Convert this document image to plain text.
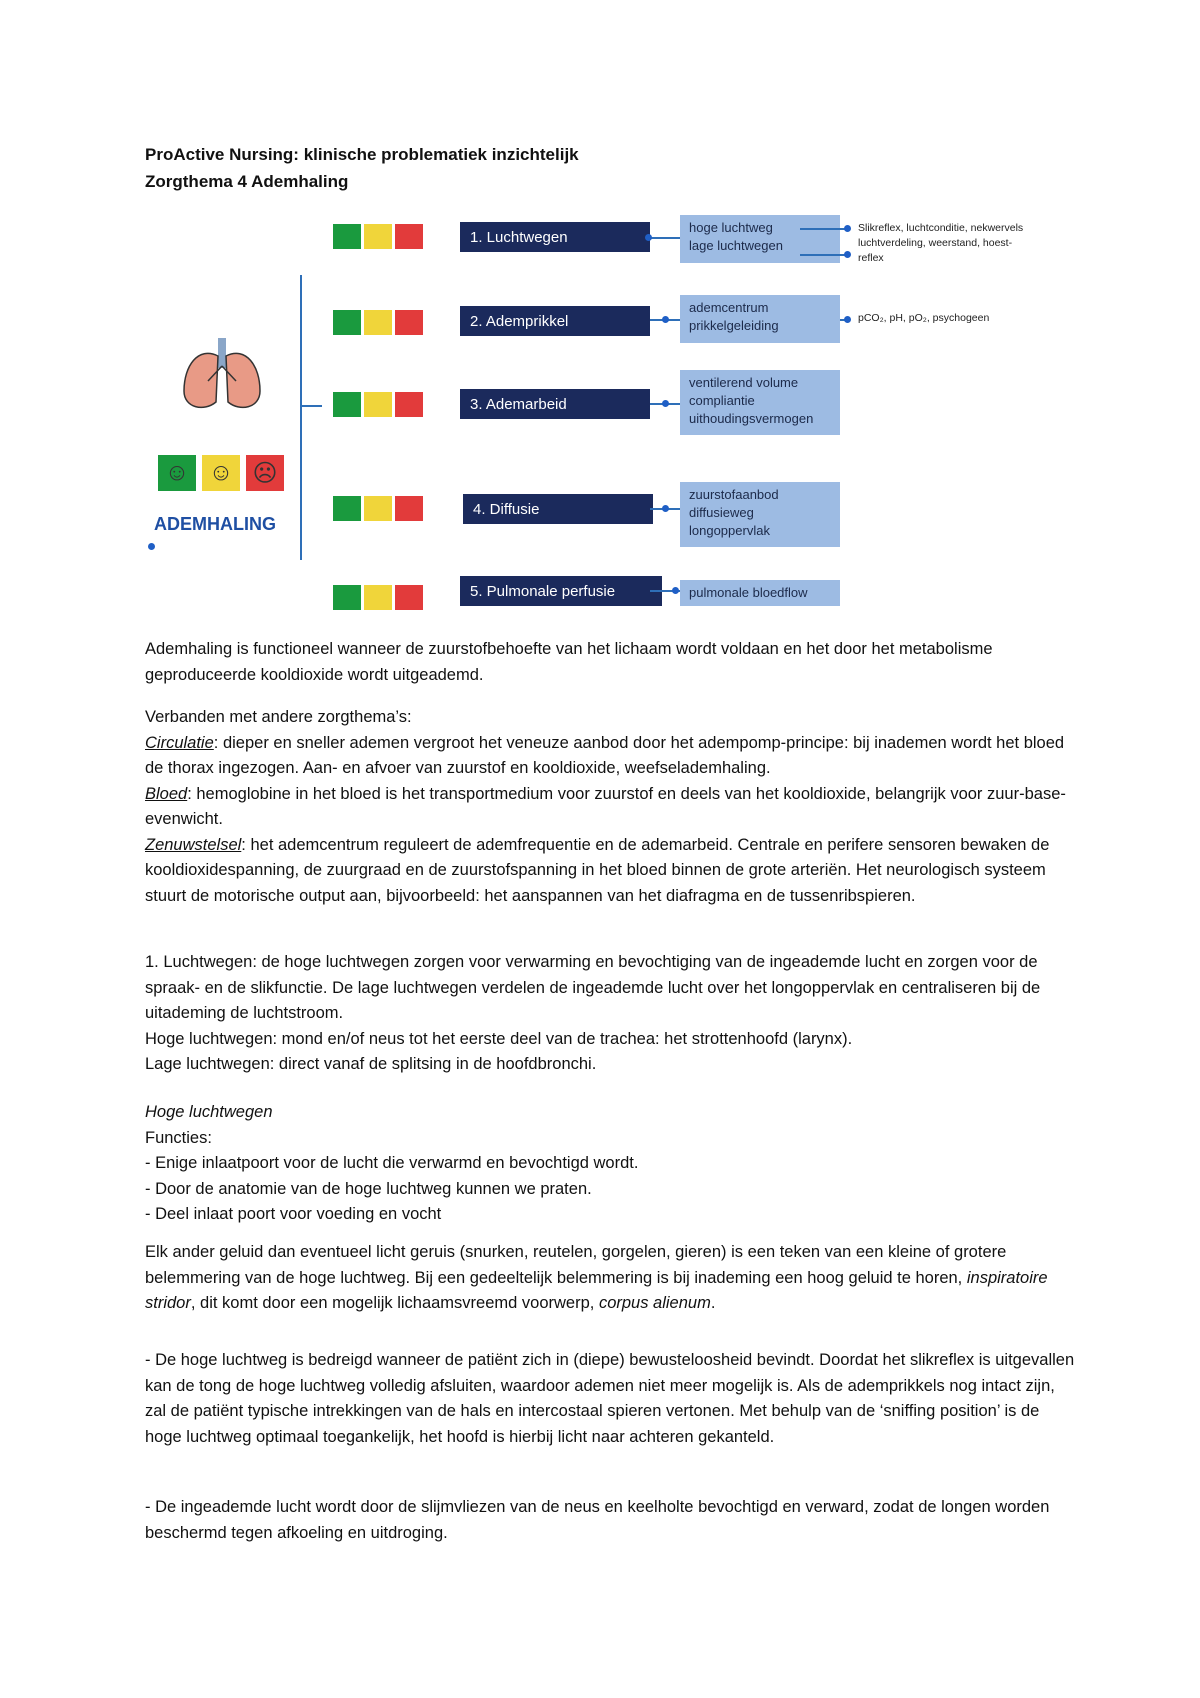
ProActive Nursing: klinische problematiek inzichtelijk
Zorgthema 4 Ademhaling
☺ ☺ ☹
ADEMHALING
1. Luchtwegen
hoge luchtweg
lage luchtwegen
Slikreflex, luchtconditie, nekwervels
luchtverdeling, weerstand, hoest-
reflex
2. Ademprikkel
ademcentrum
prikkelgeleiding	pCO₂, pH, pO₂, psychogeen
3. Ademarbeid
ventilerend volume
compliantie
uithoudingsvermogen
4. Diffusie
zuurstofaanbod
diffusieweg
longoppervlak
5. Pulmonale perfusie	pulmonale bloedflow

Ademhaling is functioneel wanneer de zuurstofbehoefte van het lichaam wordt voldaan en het door het metabolisme geproduceerde kooldioxide wordt uitgeademd.

Verbanden met andere zorgthema’s:

Circulatie: dieper en sneller ademen vergroot het veneuze aanbod door het adempomp-principe: bij inademen wordt het bloed de thorax ingezogen. Aan- en afvoer van zuurstof en kooldioxide, weefselademhaling.

Bloed: hemoglobine in het bloed is het transportmedium voor zuurstof en deels van het kooldioxide, belangrijk voor zuur-base-evenwicht.

Zenuwstelsel: het ademcentrum reguleert de ademfrequentie en de ademarbeid. Centrale en perifere sensoren bewaken de kooldioxidespanning, de zuurgraad en de zuurstofspanning in het bloed binnen de grote arteriën. Het neurologisch systeem stuurt de motorische output aan, bijvoorbeeld: het aanspannen van het diafragma en de tussenribspieren.

1. Luchtwegen: de hoge luchtwegen zorgen voor verwarming en bevochtiging van de ingeademde lucht en zorgen voor de spraak- en de slikfunctie. De lage luchtwegen verdelen de ingeademde lucht over het longoppervlak en centraliseren bij de uitademing de luchtstroom.

Hoge luchtwegen: mond en/of neus tot het eerste deel van de trachea: het strottenhoofd (larynx).

Lage luchtwegen: direct vanaf de splitsing in de hoofdbronchi.

Hoge luchtwegen

Functies:

- Enige inlaatpoort voor de lucht die verwarmd en bevochtigd wordt.

- Door de anatomie van de hoge luchtweg kunnen we praten.

- Deel inlaat poort voor voeding en vocht

Elk ander geluid dan eventueel licht geruis (snurken, reutelen, gorgelen, gieren) is een teken van een kleine of grotere belemmering van de hoge luchtweg. Bij een gedeeltelijk belemmering is bij inademing een hoog geluid te horen, inspiratoire stridor, dit komt door een mogelijk lichaamsvreemd voorwerp, corpus alienum.

- De hoge luchtweg is bedreigd wanneer de patiënt zich in (diepe) bewusteloosheid bevindt. Doordat het slikreflex is uitgevallen kan de tong de hoge luchtweg volledig afsluiten, waardoor ademen niet meer mogelijk is. Als de ademprikkels nog intact zijn, zal de patiënt typische intrekkingen van de hals en intercostaal spieren vertonen. Met behulp van de ‘sniffing position’ is de hoge luchtweg optimaal toegankelijk, het hoofd is hierbij licht naar achteren gekanteld.

- De ingeademde lucht wordt door de slijmvliezen van de neus en keelholte bevochtigd en verward, zodat de longen worden beschermd tegen afkoeling en uitdroging.
